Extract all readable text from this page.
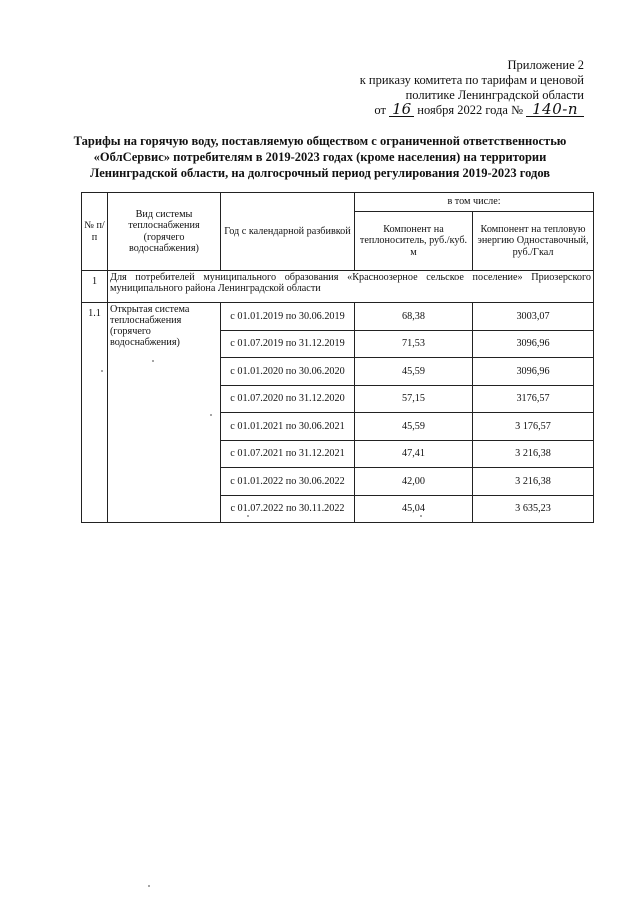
Приложение 2
к приказу комитета по тарифам и ценовой
политике Ленинградской области
от 16 ноября 2022 года № 140-п
Тарифы на горячую воду, поставляемую обществом с ограниченной ответственностью
«ОблСервис» потребителям в 2019-2023 годах (кроме населения) на территории
Ленинградской области, на долгосрочный период регулирования 2019-2023 годов
№ п/п	Вид системы теплоснабжения (горячего водоснабжения)	Год с календарной разбивкой	в том числе:	
			Компонент на теплоноситель, руб./куб. м	Компонент на тепловую энергию Одноставочный, руб./Гкал
1	Для потребителей муниципального образования «Красноозерное сельское поселение» Приозерского муниципального района Ленинградской области			
1.1	Открытая система теплоснабжения (горячего водоснабжения)	с 01.01.2019 по 30.06.2019	68,38	3003,07
		с 01.07.2019 по 31.12.2019	71,53	3096,96
		с 01.01.2020 по 30.06.2020	45,59	3096,96
		с 01.07.2020 по 31.12.2020	57,15	3176,57
		с 01.01.2021 по 30.06.2021	45,59	3 176,57
		с 01.07.2021 по 31.12.2021	47,41	3 216,38
		с 01.01.2022 по 30.06.2022	42,00	3 216,38
		с 01.07.2022 по 30.11.2022	45,04	3 635,23
